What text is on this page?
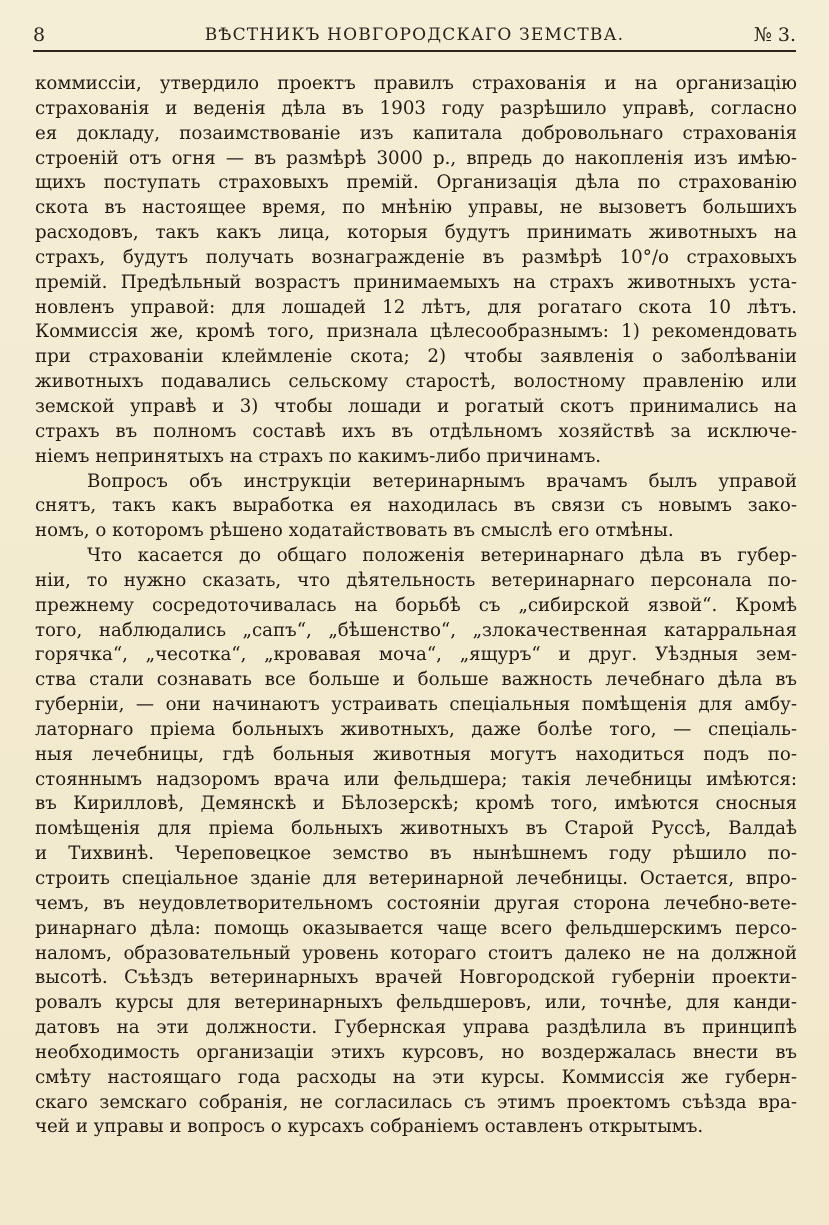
8	ВѢСТНИКЪ НОВГОРОДСКАГО ЗЕМСТВА.	№ 3.
коммиссіи, утвердило проектъ правилъ страхованія и на организацію
страхованія и веденія дѣла въ 1903 году разрѣшило управѣ, согласно
ея докладу, позаимствованіе изъ капитала добровольнаго страхованія
строеній отъ огня — въ размѣрѣ 3000 р., впредь до накопленія изъ имѣю-
щихъ поступать страховыхъ премій. Организація дѣла по страхованію
скота въ настоящее время, по мнѣнію управы, не вызоветъ большихъ
расходовъ, такъ какъ лица, которыя будутъ принимать животныхъ на
страхъ, будутъ получать вознагражденіе въ размѣрѣ 10°/о страховыхъ
премій. Предѣльный возрастъ принимаемыхъ на страхъ животныхъ уста-
новленъ управой: для лошадей 12 лѣтъ, для рогатаго скота 10 лѣтъ.
Коммиссія же, кромѣ того, признала цѣлесообразнымъ: 1) рекомендовать
при страхованіи клеймленіе скота; 2) чтобы заявленія о заболѣваніи
животныхъ подавались сельскому старостѣ, волостному правленію или
земской управѣ и 3) чтобы лошади и рогатый скотъ принимались на
страхъ въ полномъ составѣ ихъ въ отдѣльномъ хозяйствѣ за исключе-
ніемъ непринятыхъ на страхъ по какимъ-либо причинамъ.
Вопросъ объ инструкціи ветеринарнымъ врачамъ былъ управой
снятъ, такъ какъ выработка ея находилась въ связи съ новымъ зако-
номъ, о которомъ рѣшено ходатайствовать въ смыслѣ его отмѣны.
Что касается до общаго положенія ветеринарнаго дѣла въ губер-
ніи, то нужно сказать, что дѣятельность ветеринарнаго персонала по-
прежнему сосредоточивалась на борьбѣ съ „сибирской язвой“. Кромѣ
того, наблюдались „сапъ“, „бѣшенство“, „злокачественная катарральная
горячка“, „чесотка“, „кровавая моча“, „ящуръ“ и друг. Уѣздныя зем-
ства стали сознавать все больше и больше важность лечебнаго дѣла въ
губерніи, — они начинаютъ устраивать спеціальныя помѣщенія для амбу-
латорнаго пріема больныхъ животныхъ, даже болѣе того, — спеціаль-
ныя лечебницы, гдѣ больныя животныя могутъ находиться подъ по-
стояннымъ надзоромъ врача или фельдшера; такія лечебницы имѣются:
въ Кирилловѣ, Демянскѣ и Бѣлозерскѣ; кромѣ того, имѣются сносныя
помѣщенія для пріема больныхъ животныхъ въ Старой Руссѣ, Валдаѣ
и Тихвинѣ. Череповецкое земство въ нынѣшнемъ году рѣшило по-
строить спеціальное зданіе для ветеринарной лечебницы. Остается, впро-
чемъ, въ неудовлетворительномъ состояніи другая сторона лечебно-вете-
ринарнаго дѣла: помощь оказывается чаще всего фельдшерскимъ персо-
наломъ, образовательный уровень котораго стоитъ далеко не на должной
высотѣ. Съѣздъ ветеринарныхъ врачей Новгородской губерніи проекти-
ровалъ курсы для ветеринарныхъ фельдшеровъ, или, точнѣе, для канди-
датовъ на эти должности. Губернская управа раздѣлила въ принципѣ
необходимость организаціи этихъ курсовъ, но воздержалась внести въ
смѣту настоящаго года расходы на эти курсы. Коммиссія же губерн-
скаго земскаго собранія, не согласилась съ этимъ проектомъ съѣзда вра-
чей и управы и вопросъ о курсахъ собраніемъ оставленъ открытымъ.
